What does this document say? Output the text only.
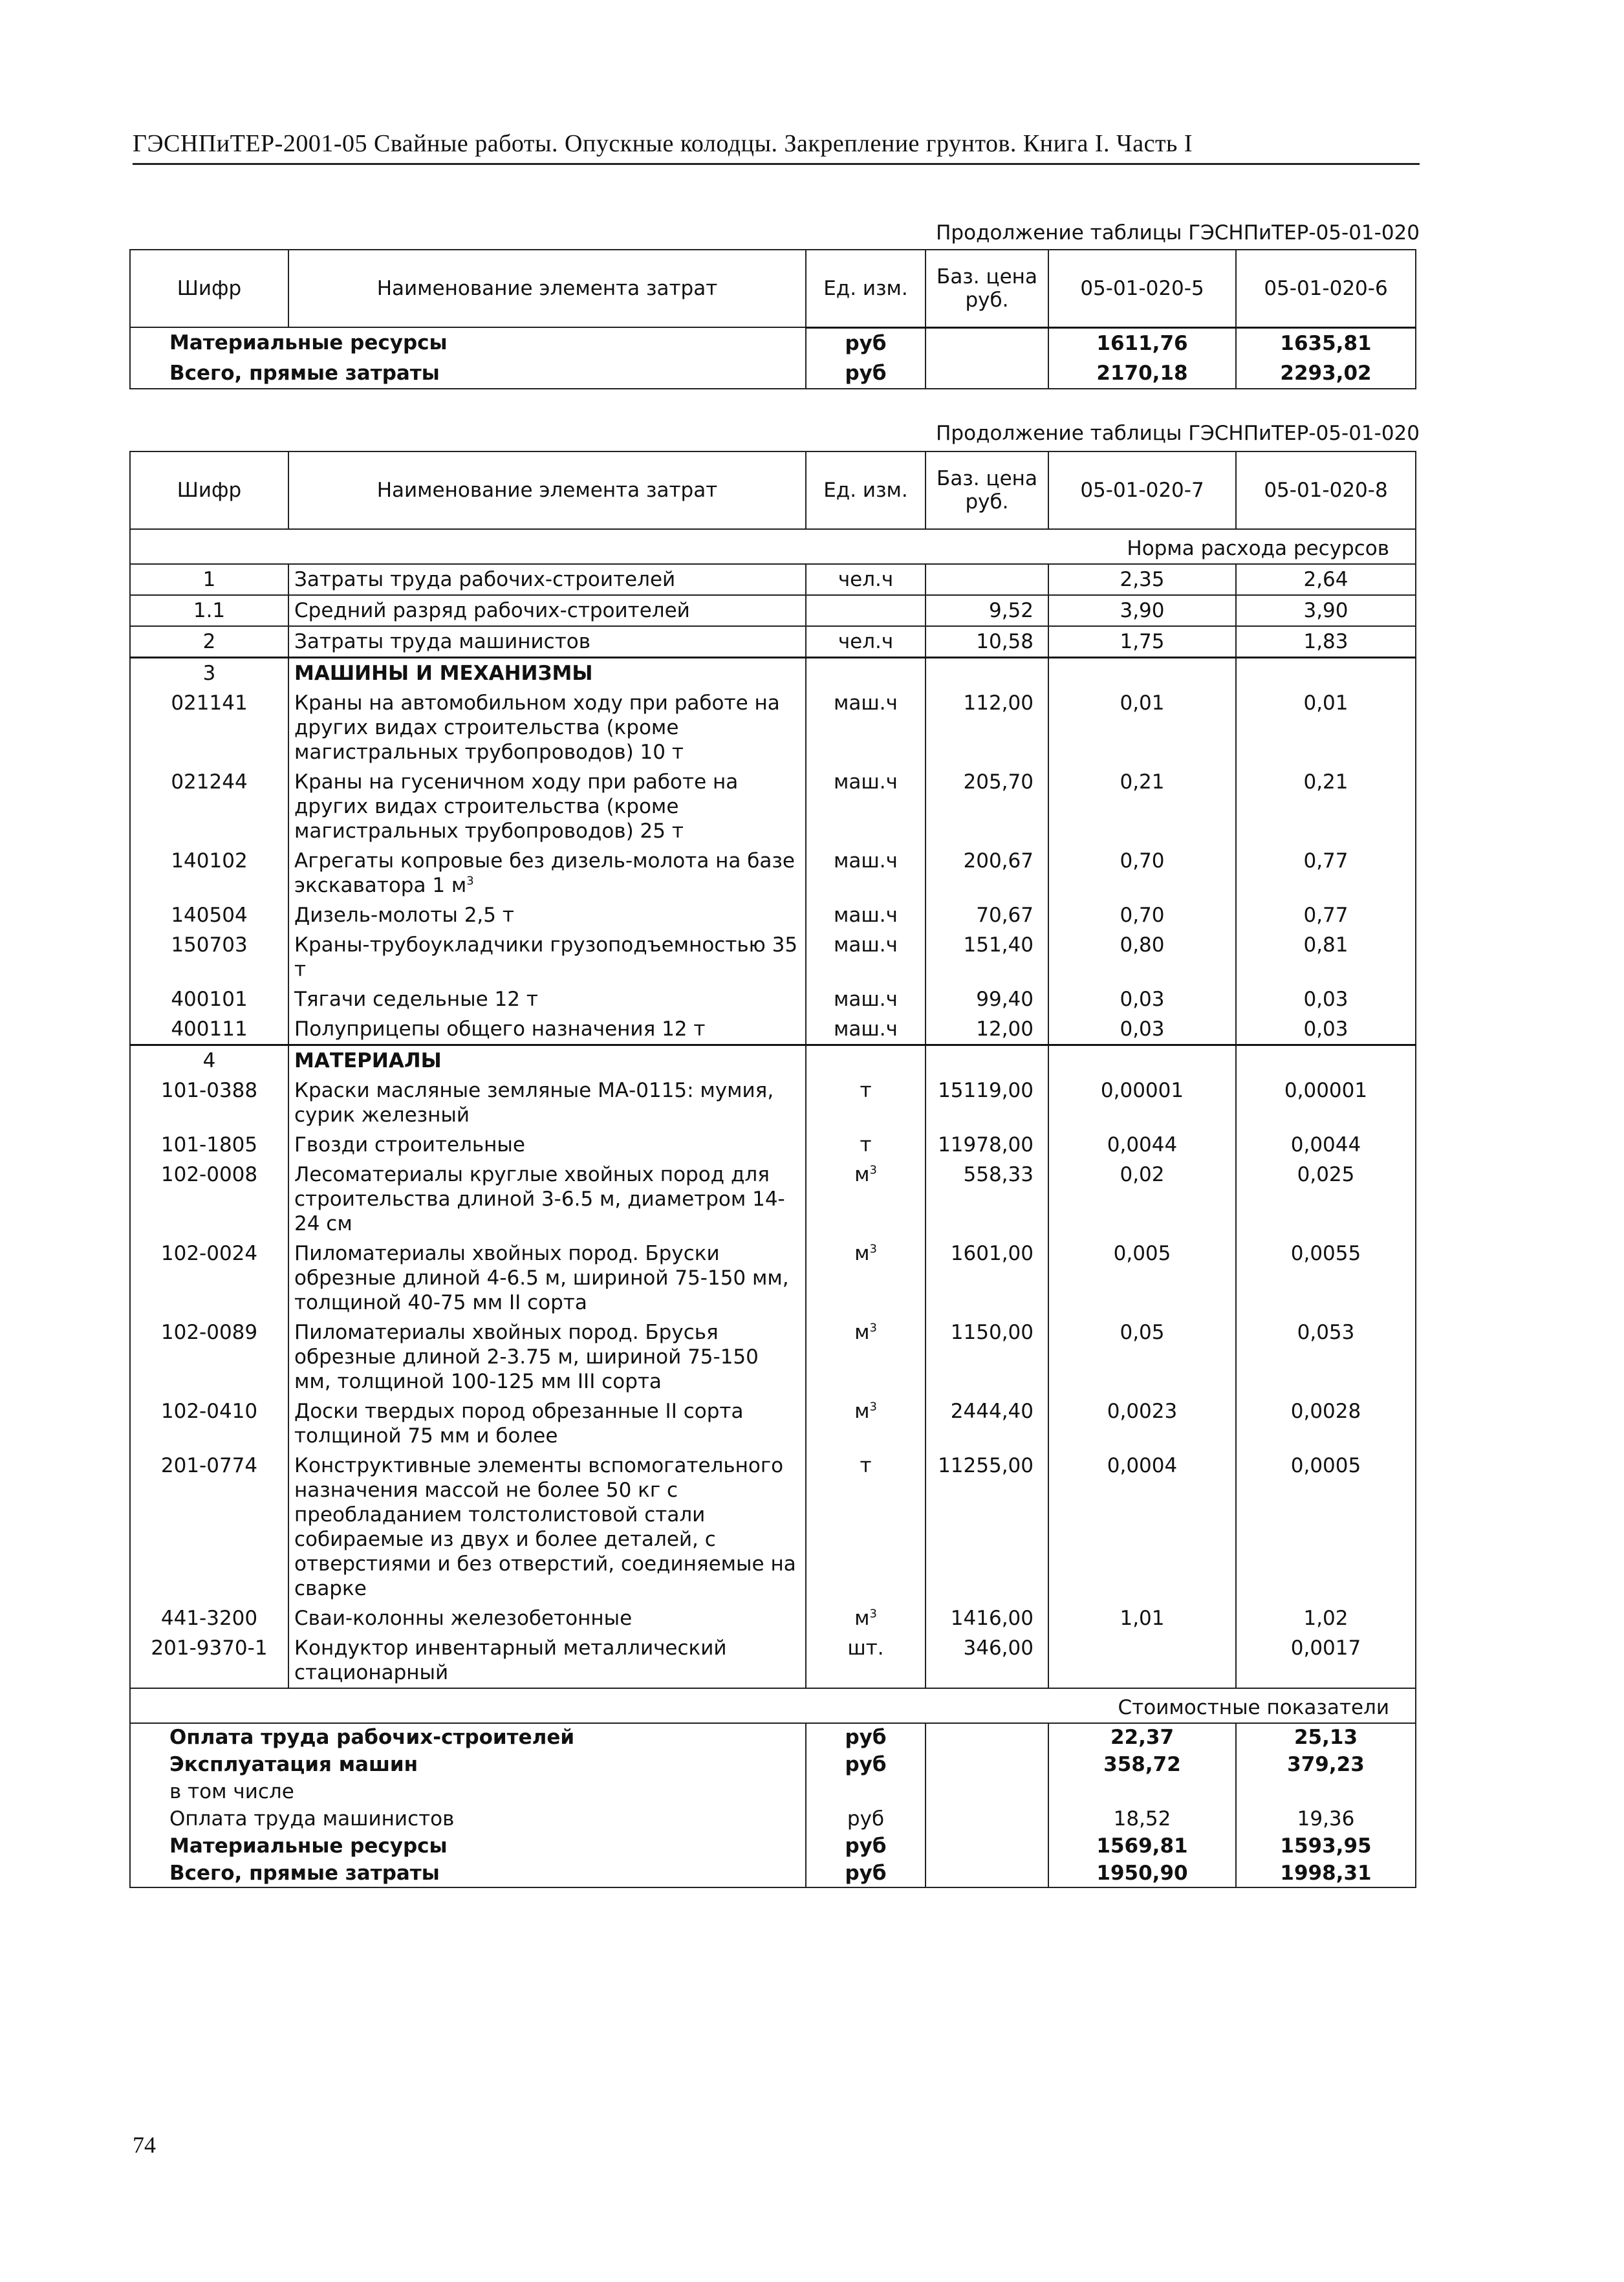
ГЭСНПиТЕР-2001-05 Свайные работы. Опускные колодцы. Закрепление грунтов. Книга I. Часть I
Продолжение таблицы ГЭСНПиТЕР-05-01-020
Шифр	Наименование элемента затрат	Ед. изм.	Баз. цена руб.	05-01-020-5	05-01-020-6
Материальные ресурсы		руб		1611,76	1635,81
Всего, прямые затраты		руб		2170,18	2293,02
Продолжение таблицы ГЭСНПиТЕР-05-01-020
Шифр	Наименование элемента затрат	Ед. изм.	Баз. цена руб.	05-01-020-7	05-01-020-8
Норма расхода ресурсов					
1	Затраты труда рабочих-строителей	чел.ч		2,35	2,64
1.1	Средний разряд рабочих-строителей		9,52	3,90	3,90
2	Затраты труда машинистов	чел.ч	10,58	1,75	1,83
3	МАШИНЫ И МЕХАНИЗМЫ				
021141	Краны на автомобильном ходу при работе на других видах строительства (кроме магистральных трубопроводов) 10 т	маш.ч	112,00	0,01	0,01
021244	Краны на гусеничном ходу при работе на других видах строительства (кроме магистральных трубопроводов) 25 т	маш.ч	205,70	0,21	0,21
140102	Агрегаты копровые без дизель-молота на базе экскаватора 1 $м^3$	маш.ч	200,67	0,70	0,77
140504	Дизель-молоты 2,5 т	маш.ч	70,67	0,70	0,77
150703	Краны-трубоукладчики грузоподъемностью 35 т	маш.ч	151,40	0,80	0,81
400101	Тягачи седельные 12 т	маш.ч	99,40	0,03	0,03
400111	Полуприцепы общего назначения 12 т	маш.ч	12,00	0,03	0,03
4	МАТЕРИАЛЫ				
101-0388	Краски масляные земляные МА-0115: мумия, сурик железный	т	15119,00	0,00001	0,00001
101-1805	Гвозди строительные	т	11978,00	0,0044	0,0044
102-0008	Лесоматериалы круглые хвойных пород для строительства длиной 3-6.5 м, диаметром 14-24 см	$м^3$	558,33	0,02	0,025
102-0024	Пиломатериалы хвойных пород. Бруски обрезные длиной 4-6.5 м, шириной 75-150 мм, толщиной 40-75 мм II сорта	$м^3$	1601,00	0,005	0,0055
102-0089	Пиломатериалы хвойных пород. Брусья обрезные длиной 2-3.75 м, шириной 75-150 мм, толщиной 100-125 мм III сорта	$м^3$	1150,00	0,05	0,053
102-0410	Доски твердых пород обрезанные II сорта толщиной 75 мм и более	$м^3$	2444,40	0,0023	0,0028
201-0774	Конструктивные элементы вспомогательного назначения массой не более 50 кг с преобладанием толстолистовой стали собираемые из двух и более деталей, с отверстиями и без отверстий, соединяемые на сварке	т	11255,00	0,0004	0,0005
441-3200	Сваи-колонны железобетонные	$м^3$	1416,00	1,01	1,02
201-9370-1	Кондуктор инвентарный металлический стационарный	шт.	346,00		0,0017
Стоимостные показатели					
Оплата труда рабочих-строителей		руб		22,37	25,13
Эксплуатация машин		руб		358,72	379,23
в том числе					
Оплата труда машинистов		руб		18,52	19,36
Материальные ресурсы		руб		1569,81	1593,95
Всего, прямые затраты		руб		1950,90	1998,31
74
